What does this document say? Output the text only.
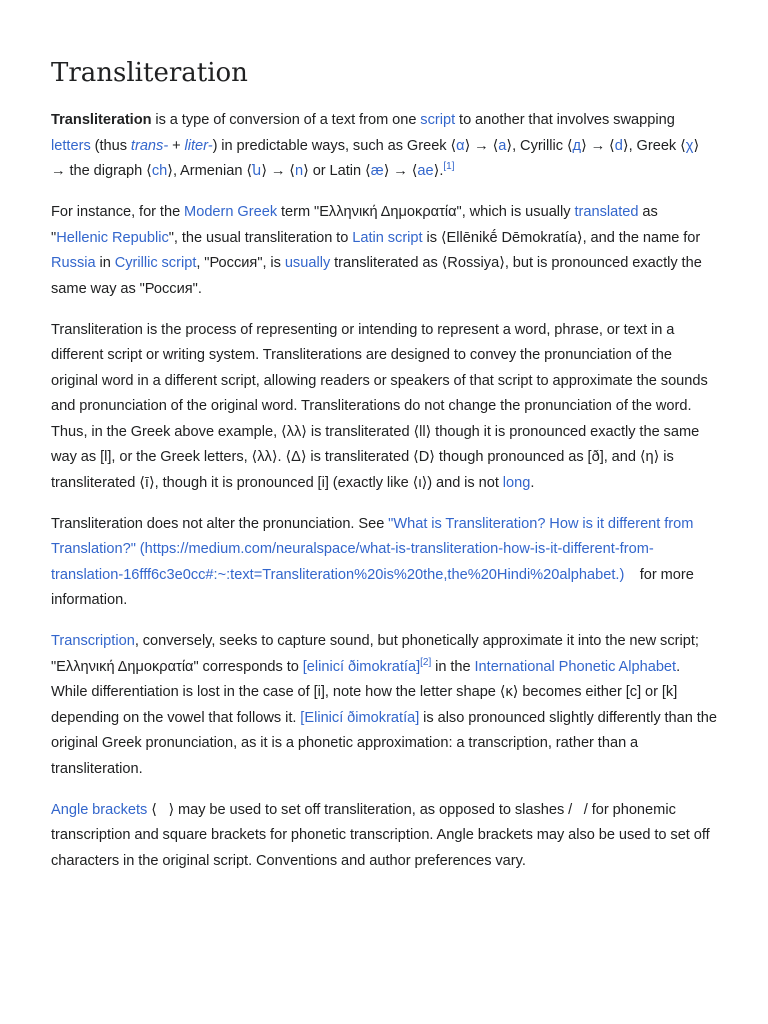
Transliteration

Transliteration is a type of conversion of a text from one script to another that involves swapping letters (thus trans- + liter-) in predictable ways, such as Greek ⟨α⟩ → ⟨a⟩, Cyrillic ⟨д⟩ → ⟨d⟩, Greek ⟨χ⟩ → the digraph ⟨ch⟩, Armenian ⟨ն⟩ → ⟨n⟩ or Latin ⟨æ⟩ → ⟨ae⟩.[1]

For instance, for the Modern Greek term "Ελληνική Δημοκρατία", which is usually translated as "Hellenic Republic", the usual transliteration to Latin script is ⟨Ellēnikḗ Dēmokratía⟩, and the name for Russia in Cyrillic script, "Россия", is usually transliterated as ⟨Rossiya⟩, but is pronounced exactly the same way as "Россия".

Transliteration is the process of representing or intending to represent a word, phrase, or text in a different script or writing system. Transliterations are designed to convey the pronunciation of the original word in a different script, allowing readers or speakers of that script to approximate the sounds and pronunciation of the original word. Transliterations do not change the pronunciation of the word. Thus, in the Greek above example, ⟨λλ⟩ is transliterated ⟨ll⟩ though it is pronounced exactly the same way as [l], or the Greek letters, ⟨λλ⟩. ⟨Δ⟩ is transliterated ⟨D⟩ though pronounced as [ð], and ⟨η⟩ is transliterated ⟨ī⟩, though it is pronounced [i] (exactly like ⟨ι⟩) and is not long.

Transliteration does not alter the pronunciation. See "What is Transliteration? How is it different from Translation?" (https://medium.com/neuralspace/what-is-transliteration-how-is-it-different-from-translation-16fff6c3e0cc#:~:text=Transliteration%20is%20the,the%20Hindi%20alphabet.)    for more information.

Transcription, conversely, seeks to capture sound, but phonetically approximate it into the new script; "Ελληνική Δημοκρατία" corresponds to [elinicí ðimokratía][2] in the International Phonetic Alphabet. While differentiation is lost in the case of [i], note how the letter shape ⟨κ⟩ becomes either [c] or [k] depending on the vowel that follows it. [Elinicí ðimokratía] is also pronounced slightly differently than the original Greek pronunciation, as it is a phonetic approximation: a transcription, rather than a transliteration.

Angle brackets ⟨   ⟩ may be used to set off transliteration, as opposed to slashes /   / for phonemic transcription and square brackets for phonetic transcription. Angle brackets may also be used to set off characters in the original script. Conventions and author preferences vary.
